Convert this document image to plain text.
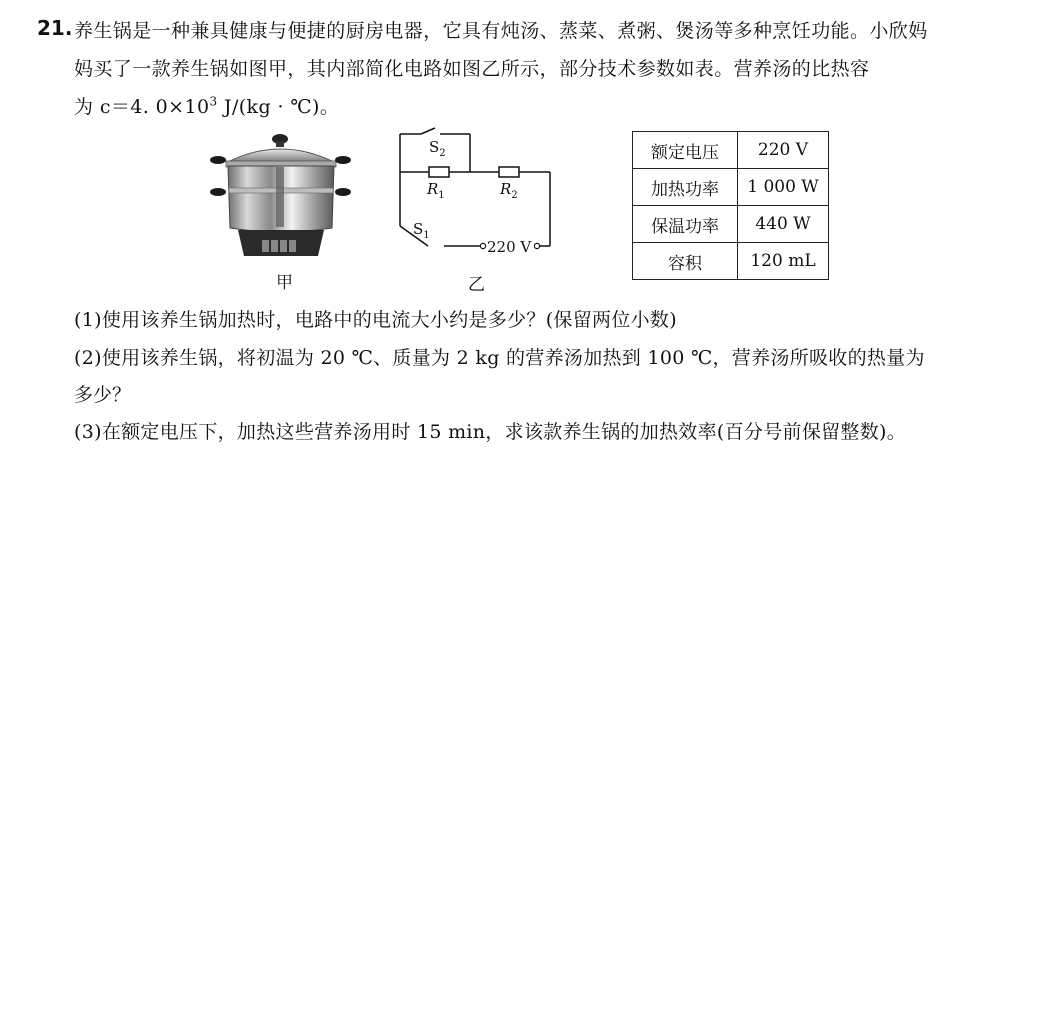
21. 养生锅是一种兼具健康与便捷的厨房电器，它具有炖汤、蒸菜、煮粥、煲汤等多种烹饪功能。小欣妈
妈买了一款养生锅如图甲，其内部简化电路如图乙所示，部分技术参数如表。营养汤的比热容
为 c＝4. $0\times 10^3$ J/(kg · ℃)。
甲
$S_2$
$R_1$	$R_2$
$S_1$
220 V
乙
额定电压	220 V
加热功率	1 000 W
保温功率	440 W
容积	120 mL
(1)使用该养生锅加热时，电路中的电流大小约是多少？(保留两位小数)
(2)使用该养生锅，将初温为 20 ℃、质量为 2 kg 的营养汤加热到 100 ℃，营养汤所吸收的热量为
多少？
(3)在额定电压下，加热这些营养汤用时 15 min，求该款养生锅的加热效率(百分号前保留整数)。
